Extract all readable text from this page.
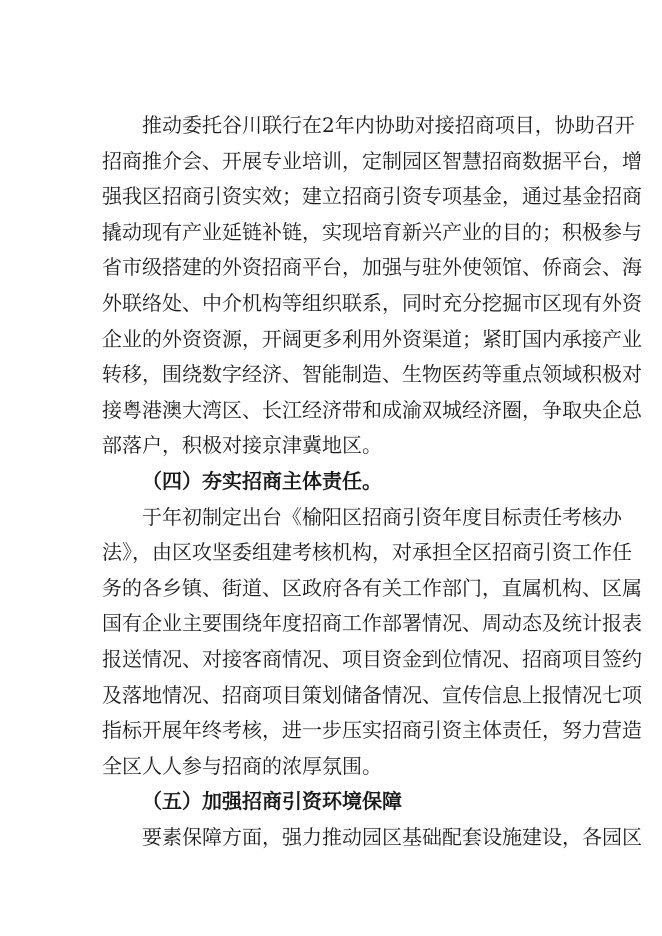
推动委托谷川联行在2年内协助对接招商项目，协助召开
招商推介会、开展专业培训，定制园区智慧招商数据平台，增
强我区招商引资实效；建立招商引资专项基金，通过基金招商
撬动现有产业延链补链，实现培育新兴产业的目的；积极参与
省市级搭建的外资招商平台，加强与驻外使领馆、侨商会、海
外联络处、中介机构等组织联系，同时充分挖掘市区现有外资
企业的外资资源，开阔更多利用外资渠道；紧盯国内承接产业
转移，围绕数字经济、智能制造、生物医药等重点领域积极对
接粤港澳大湾区、长江经济带和成渝双城经济圈，争取央企总
部落户，积极对接京津冀地区。
（四）夯实招商主体责任。
于年初制定出台《榆阳区招商引资年度目标责任考核办
法》，由区攻坚委组建考核机构，对承担全区招商引资工作任
务的各乡镇、街道、区政府各有关工作部门，直属机构、区属
国有企业主要围绕年度招商工作部署情况、周动态及统计报表
报送情况、对接客商情况、项目资金到位情况、招商项目签约
及落地情况、招商项目策划储备情况、宣传信息上报情况七项
指标开展年终考核，进一步压实招商引资主体责任，努力营造
全区人人参与招商的浓厚氛围。
（五）加强招商引资环境保障
要素保障方面，强力推动园区基础配套设施建设，各园区
